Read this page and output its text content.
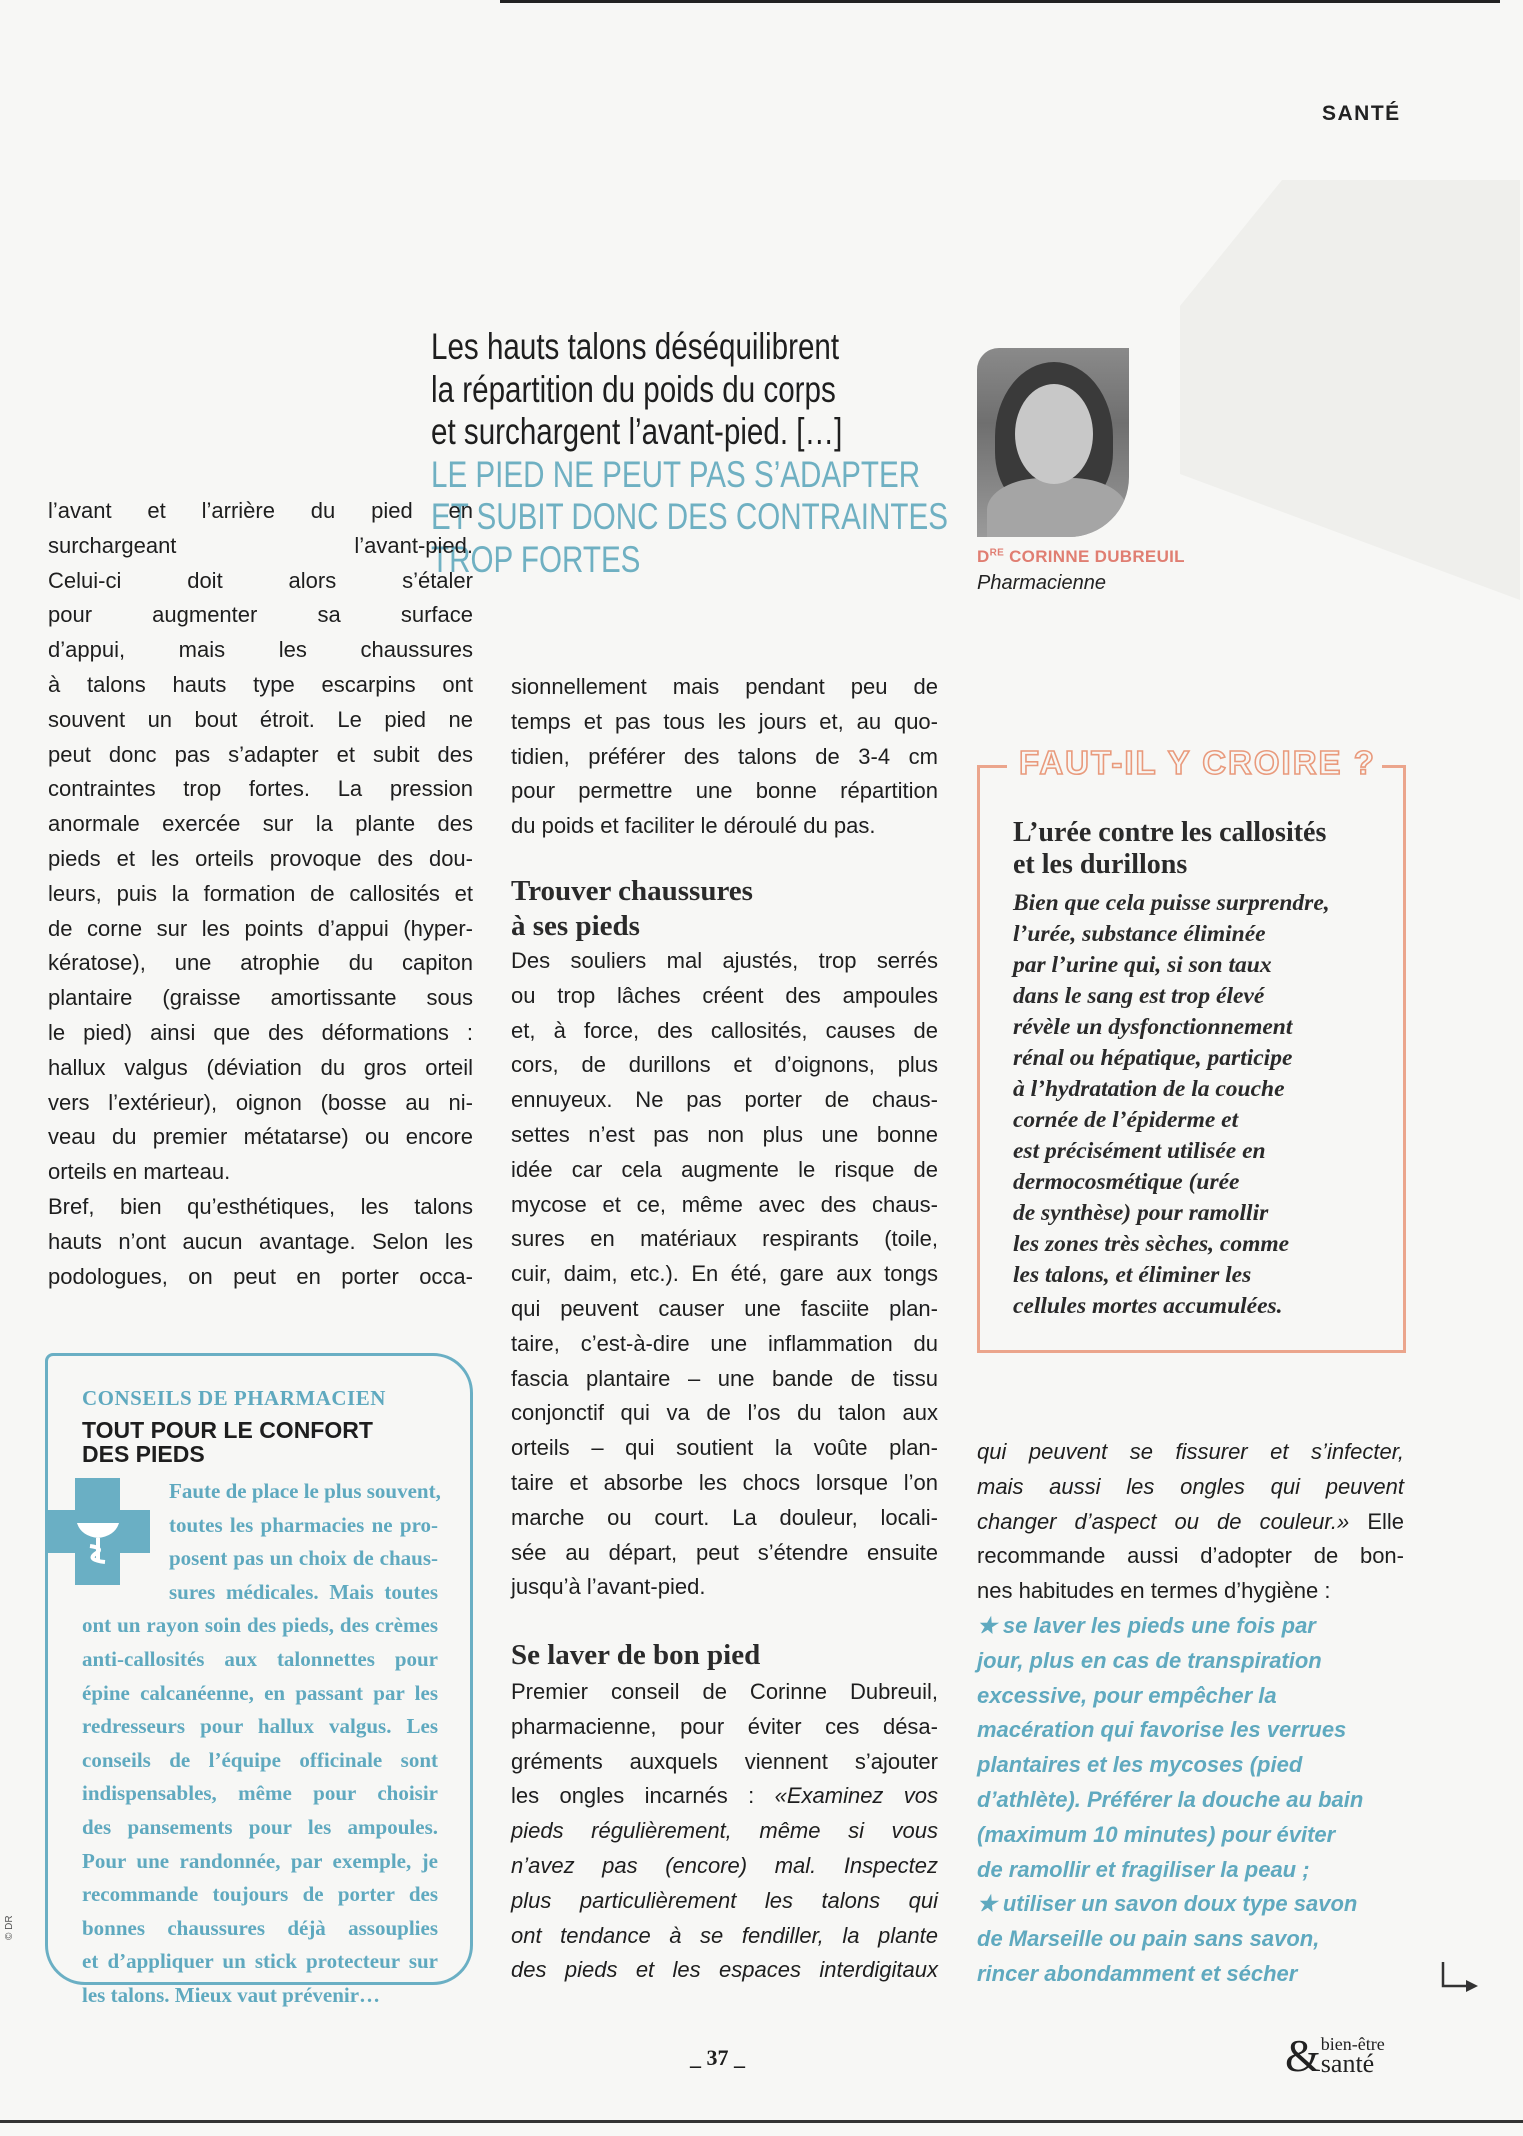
SANTÉ
Les hauts talons déséquilibrent
la répartition du poids du corps
et surchargent l’avant-pied. […]
LE PIED NE PEUT PAS S’ADAPTER
ET SUBIT DONC DES CONTRAINTES
TROP FORTES	DRE CORINNE DUBREUIL
Pharmacienne
l’avant et l’arrière du pied en
surchargeant l’avant-pied.
Celui-ci doit alors s’étaler
pour augmenter sa surface
d’appui, mais les chaussures
à talons hauts type escarpins ont
souvent un bout étroit. Le pied ne
peut donc pas s’adapter et subit des
contraintes trop fortes. La pression
anormale exercée sur la plante des
pieds et les orteils provoque des dou-
leurs, puis la formation de callosités et
de corne sur les points d’appui (hyper-
kératose), une atrophie du capiton
plantaire (graisse amortissante sous
le pied) ainsi que des déformations :
hallux valgus (déviation du gros orteil
vers l’extérieur), oignon (bosse au ni-
veau du premier métatarse) ou encore
orteils en marteau.
Bref, bien qu’esthétiques, les talons
hauts n’ont aucun avantage. Selon les
podologues, on peut en porter occa-
sionnellement mais pendant peu de
temps et pas tous les jours et, au quo-
tidien, préférer des talons de 3-4 cm
pour permettre une bonne répartition
du poids et faciliter le déroulé du pas.
Trouver chaussures
à ses pieds
Des souliers mal ajustés, trop serrés
ou trop lâches créent des ampoules
et, à force, des callosités, causes de
cors, de durillons et d’oignons, plus
ennuyeux. Ne pas porter de chaus-
settes n’est pas non plus une bonne
idée car cela augmente le risque de
mycose et ce, même avec des chaus-
sures en matériaux respirants (toile,
cuir, daim, etc.). En été, gare aux tongs
qui peuvent causer une fasciite plan-
taire, c’est-à-dire une inflammation du
fascia plantaire – une bande de tissu
conjonctif qui va de l’os du talon aux
orteils – qui soutient la voûte plan-
taire et absorbe les chocs lorsque l’on
marche ou court. La douleur, locali-
sée au départ, peut s’étendre ensuite
jusqu’à l’avant-pied.
Se laver de bon pied
Premier conseil de Corinne Dubreuil,
pharmacienne, pour éviter ces désa-
gréments auxquels viennent s’ajouter
les ongles incarnés : «Examinez vos
pieds régulièrement, même si vous
n’avez pas (encore) mal. Inspectez
plus particulièrement les talons qui
ont tendance à se fendiller, la plante
des pieds et les espaces interdigitaux
qui peuvent se fissurer et s’infecter,
mais aussi les ongles qui peuvent
changer d’aspect ou de couleur.» Elle
recommande aussi d’adopter de bon-
nes habitudes en termes d’hygiène :
★ se laver les pieds une fois par
jour, plus en cas de transpiration
excessive, pour empêcher la
macération qui favorise les verrues
plantaires et les mycoses (pied
d’athlète). Préférer la douche au bain
(maximum 10 minutes) pour éviter
de ramollir et fragiliser la peau ;
★ utiliser un savon doux type savon
de Marseille ou pain sans savon,
rincer abondamment et sécher
CONSEILS DE PHARMACIEN
TOUT POUR LE CONFORT
DES PIEDS
Faute de place le plus souvent,
toutes les pharmacies ne pro-
posent pas un choix de chaus-
sures médicales. Mais toutes
ont un rayon soin des pieds, des crèmes
anti-callosités aux talonnettes pour
épine calcanéenne, en passant par les
redresseurs pour hallux valgus. Les
conseils de l’équipe officinale sont
indispensables, même pour choisir
des pansements pour les ampoules.
Pour une randonnée, par exemple, je
recommande toujours de porter des
bonnes chaussures déjà assouplies
et d’appliquer un stick protecteur sur
les talons. Mieux vaut prévenir…
FAUT-IL Y CROIRE ?
L’urée contre les callosités
et les durillons
Bien que cela puisse surprendre,
l’urée, substance éliminée
par l’urine qui, si son taux
dans le sang est trop élevé
révèle un dysfonctionnement
rénal ou hépatique, participe
à l’hydratation de la couche
cornée de l’épiderme et
est précisément utilisée en
dermocosmétique (urée
de synthèse) pour ramollir
les zones très sèches, comme
les talons, et éliminer les
cellules mortes accumulées.
© DR
_ 37 _	& bien-être
santé
